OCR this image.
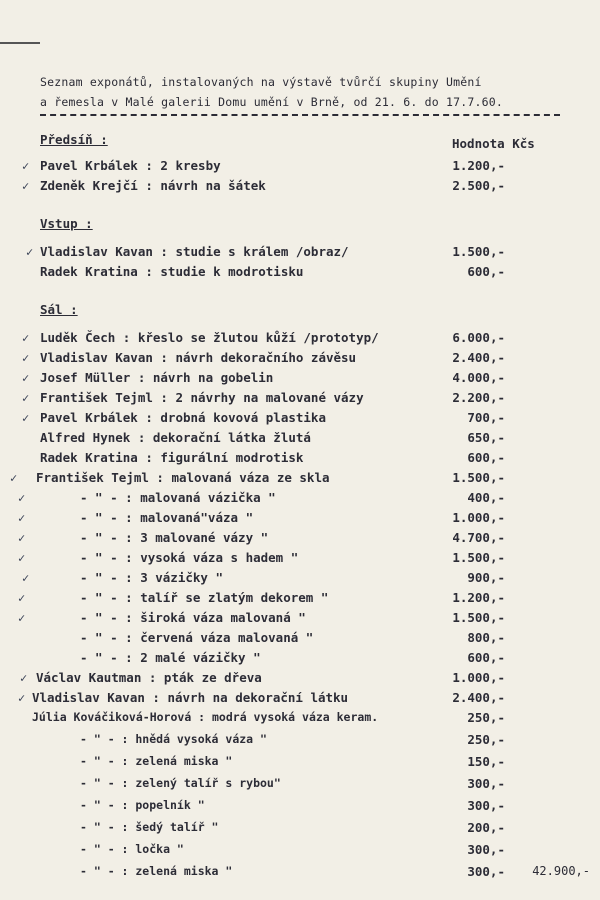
Seznam exponátů, instalovaných na výstavě tvůrčí skupiny Umění
a řemesla v Malé galerii Domu umění v Brně, od 21. 6. do 17.7.60.
Hodnota Kčs
Předsíň :
✓ Pavel Krbálek : 2 kresby	1.200,-
✓ Zdeněk Krejčí : návrh na šátek	2.500,-
Vstup :
✓ Vladislav Kavan : studie s králem /obraz/	1.500,-
Radek Kratina : studie k modrotisku	600,-
Sál :
✓ Luděk Čech : křeslo se žlutou kůží /prototyp/	6.000,-
✓ Vladislav Kavan : návrh dekoračního závěsu	2.400,-
✓ Josef Müller : návrh na gobelin	4.000,-
✓ František Tejml : 2 návrhy na malované vázy	2.200,-
✓ Pavel Krbálek : drobná kovová plastika	700,-
Alfred Hynek : dekorační látka žlutá	650,-
Radek Kratina : figurální modrotisk	600,-
✓ František Tejml : malovaná váza ze skla	1.500,-
✓	- " - : malovaná vázička "	400,-
✓	- " - : malovaná"váza "	1.000,-
✓	- " - : 3 malované vázy "	4.700,-
✓	- " - : vysoká váza s hadem "	1.500,-
✓	- " - : 3 vázičky "	900,-
✓	- " - : talíř se zlatým dekorem "	1.200,-
✓	- " - : široká váza malovaná "	1.500,-
- " - : červená váza malovaná "	800,-
- " - : 2 malé vázičky "	600,-
✓ Václav Kautman : pták ze dřeva	1.000,-
✓ Vladislav Kavan : návrh na dekorační látku	2.400,-
Júlia Kováčiková-Horová : modrá vysoká váza keram.	250,-
- " - : hnědá vysoká váza "	250,-
- " - : zelená miska "	150,-
- " - : zelený talíř s rybou"	300,-
- " - : popelník "	300,-
- " - : šedý talíř "	200,-
- " - : ločka "	300,-
- " - : zelená miska "	300,-	42.900,-
